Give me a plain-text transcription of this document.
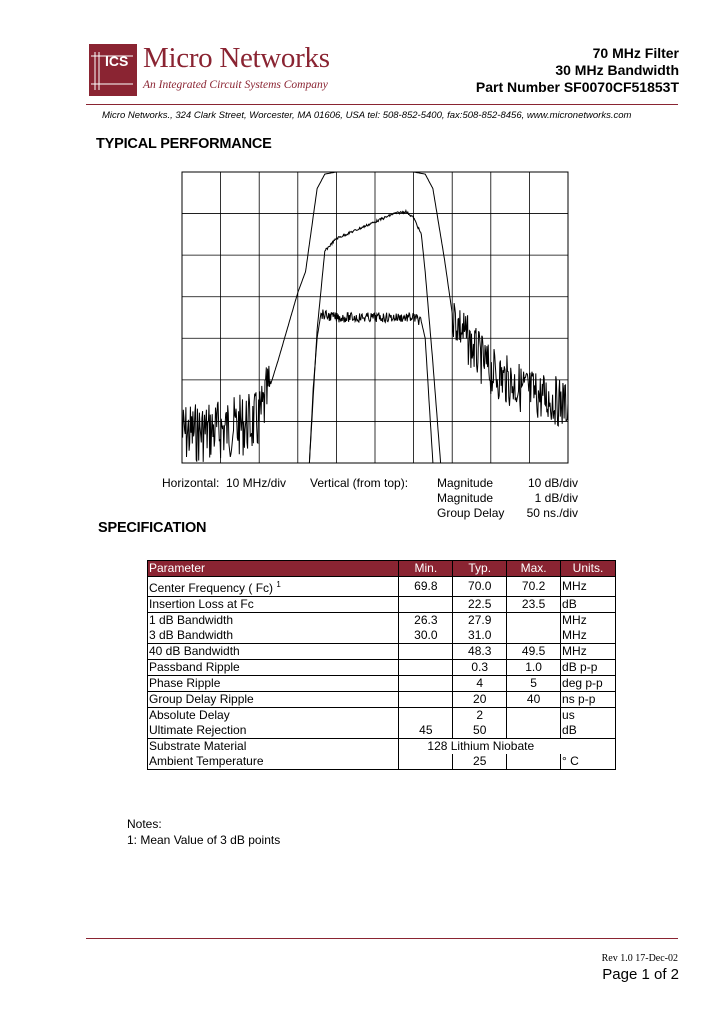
ICS Micro Networks
An Integrated Circuit Systems Company
70 MHz Filter
30 MHz Bandwidth
Part Number SF0070CF51853T
Micro Networks., 324 Clark Street, Worcester, MA 01606, USA tel: 508-852-5400, fax:508-852-8456, www.micronetworks.com
TYPICAL PERFORMANCE
Horizontal: 10 MHz/div Vertical (from top): Magnitude	10 dB/div
Magnitude	1 dB/div
Group Delay	50 ns./div
SPECIFICATION
Parameter	Min.	Typ.	Max.	Units.
Center Frequency ( Fc) $^1$	69.8	70.0	70.2	MHz
Insertion Loss at Fc		22.5	23.5	dB
1 dB Bandwidth	26.3	27.9		MHz
3 dB Bandwidth	30.0	31.0		MHz
40 dB Bandwidth		48.3	49.5	MHz
Passband Ripple		0.3	1.0	dB p-p
Phase Ripple		4	5	deg p-p
Group Delay Ripple		20	40	ns p-p
Absolute Delay		2		us
Ultimate Rejection	45	50		dB
Substrate Material	128 Lithium Niobate			
Ambient Temperature		25		° C
Notes:
1: Mean Value of 3 dB points
Rev 1.0 17-Dec-02
Page 1 of 2
